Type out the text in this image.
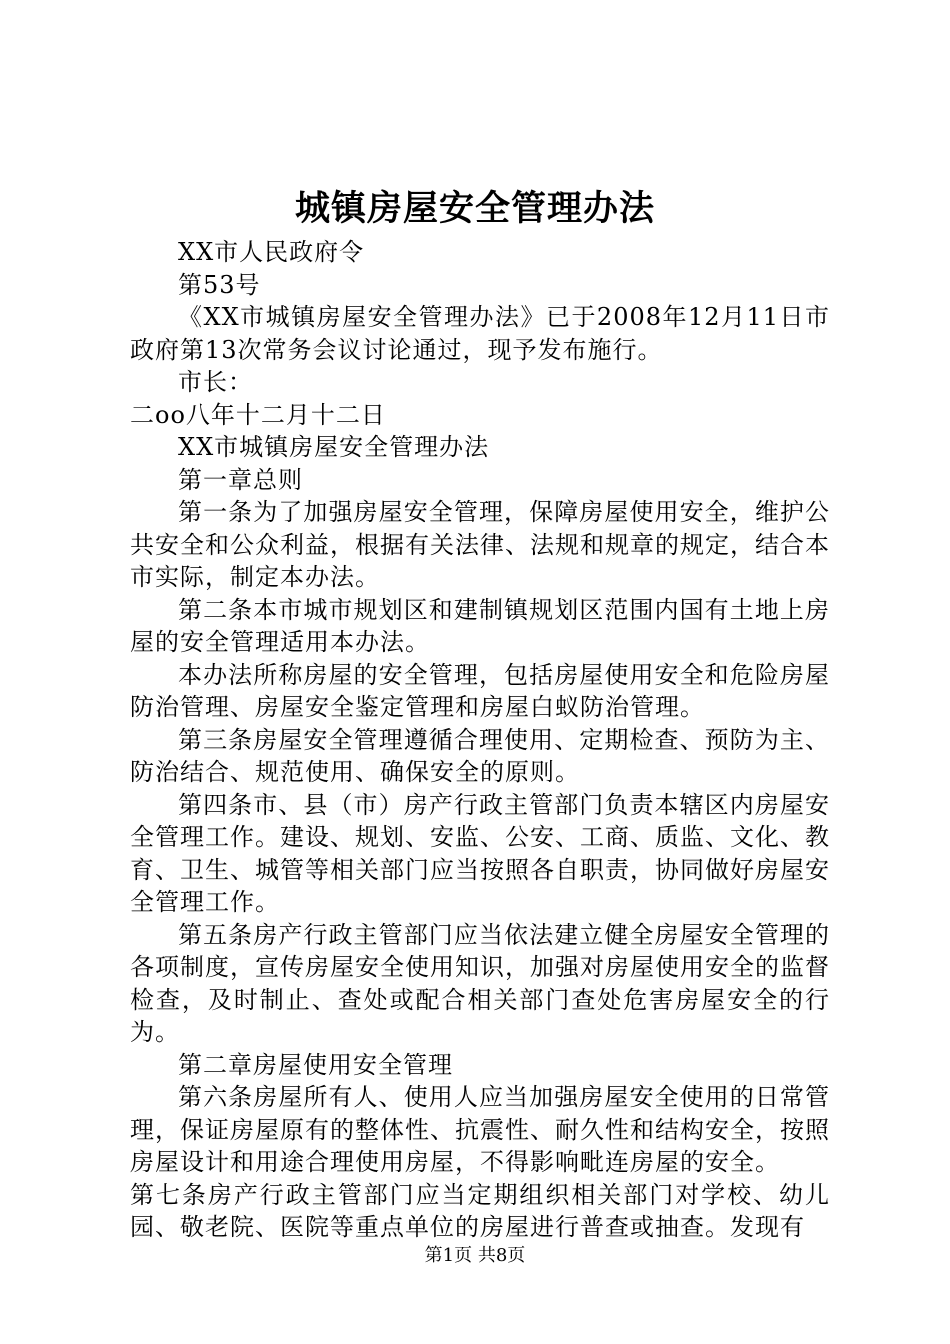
城镇房屋安全管理办法

XX市人民政府令

第53号

《XX市城镇房屋安全管理办法》已于2008年12月11日市政府第13次常务会议讨论通过，现予发布施行。

市长：

二oo八年十二月十二日

XX市城镇房屋安全管理办法

第一章总则

第一条为了加强房屋安全管理，保障房屋使用安全，维护公共安全和公众利益，根据有关法律、法规和规章的规定，结合本市实际，制定本办法。

第二条本市城市规划区和建制镇规划区范围内国有土地上房屋的安全管理适用本办法。

本办法所称房屋的安全管理，包括房屋使用安全和危险房屋防治管理、房屋安全鉴定管理和房屋白蚁防治管理。

第三条房屋安全管理遵循合理使用、定期检查、预防为主、防治结合、规范使用、确保安全的原则。

第四条市、县（市）房产行政主管部门负责本辖区内房屋安全管理工作。建设、规划、安监、公安、工商、质监、文化、教育、卫生、城管等相关部门应当按照各自职责，协同做好房屋安全管理工作。

第五条房产行政主管部门应当依法建立健全房屋安全管理的各项制度，宣传房屋安全使用知识，加强对房屋使用安全的监督检查，及时制止、查处或配合相关部门查处危害房屋安全的行为。

第二章房屋使用安全管理

第六条房屋所有人、使用人应当加强房屋安全使用的日常管理，保证房屋原有的整体性、抗震性、耐久性和结构安全，按照房屋设计和用途合理使用房屋，不得影响毗连房屋的安全。

第七条房产行政主管部门应当定期组织相关部门对学校、幼儿园、敬老院、医院等重点单位的房屋进行普查或抽查。发现有

第1页 共8页
